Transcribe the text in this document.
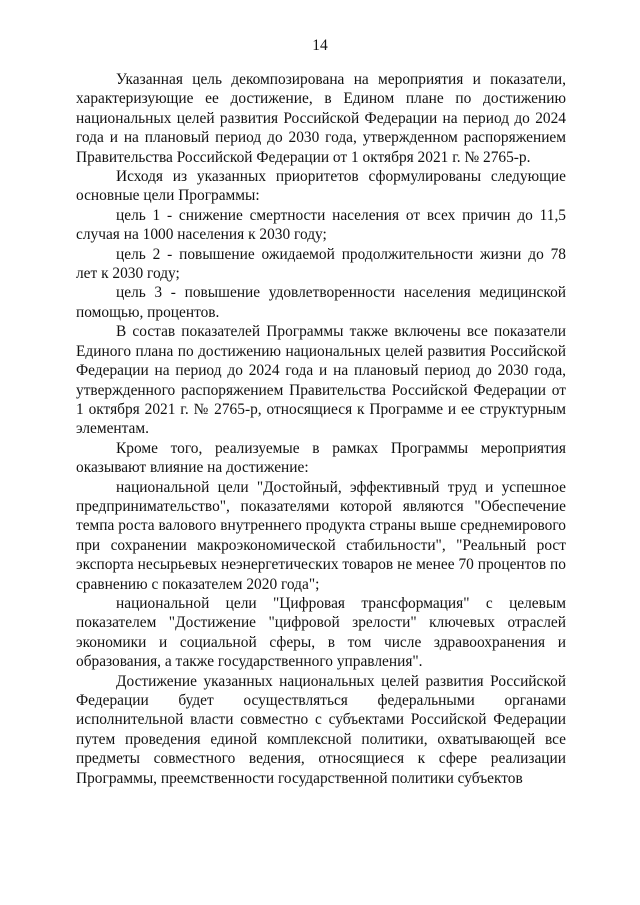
14

Указанная цель декомпозирована на мероприятия и показатели, характеризующие ее достижение, в Едином плане по достижению национальных целей развития Российской Федерации на период до 2024 года и на плановый период до 2030 года, утвержденном распоряжением Правительства Российской Федерации от 1 октября 2021 г. № 2765-р.

Исходя из указанных приоритетов сформулированы следующие основные цели Программы:

цель 1 - снижение смертности населения от всех причин до 11,5 случая на 1000 населения к 2030 году;

цель 2 - повышение ожидаемой продолжительности жизни до 78 лет к 2030 году;

цель 3 - повышение удовлетворенности населения медицинской помощью, процентов.

В состав показателей Программы также включены все показатели Единого плана по достижению национальных целей развития Российской Федерации на период до 2024 года и на плановый период до 2030 года, утвержденного распоряжением Правительства Российской Федерации от 1 октября 2021 г. № 2765-р, относящиеся к Программе и ее структурным элементам.

Кроме того, реализуемые в рамках Программы мероприятия оказывают влияние на достижение:

национальной цели "Достойный, эффективный труд и успешное предпринимательство", показателями которой являются "Обеспечение темпа роста валового внутреннего продукта страны выше среднемирового при сохранении макроэкономической стабильности", "Реальный рост экспорта несырьевых неэнергетических товаров не менее 70 процентов по сравнению с показателем 2020 года";

национальной цели "Цифровая трансформация" с целевым показателем "Достижение "цифровой зрелости" ключевых отраслей экономики и социальной сферы, в том числе здравоохранения и образования, а также государственного управления".

Достижение указанных национальных целей развития Российской Федерации будет осуществляться федеральными органами исполнительной власти совместно с субъектами Российской Федерации путем проведения единой комплексной политики, охватывающей все предметы совместного ведения, относящиеся к сфере реализации Программы, преемственности государственной политики субъектов
